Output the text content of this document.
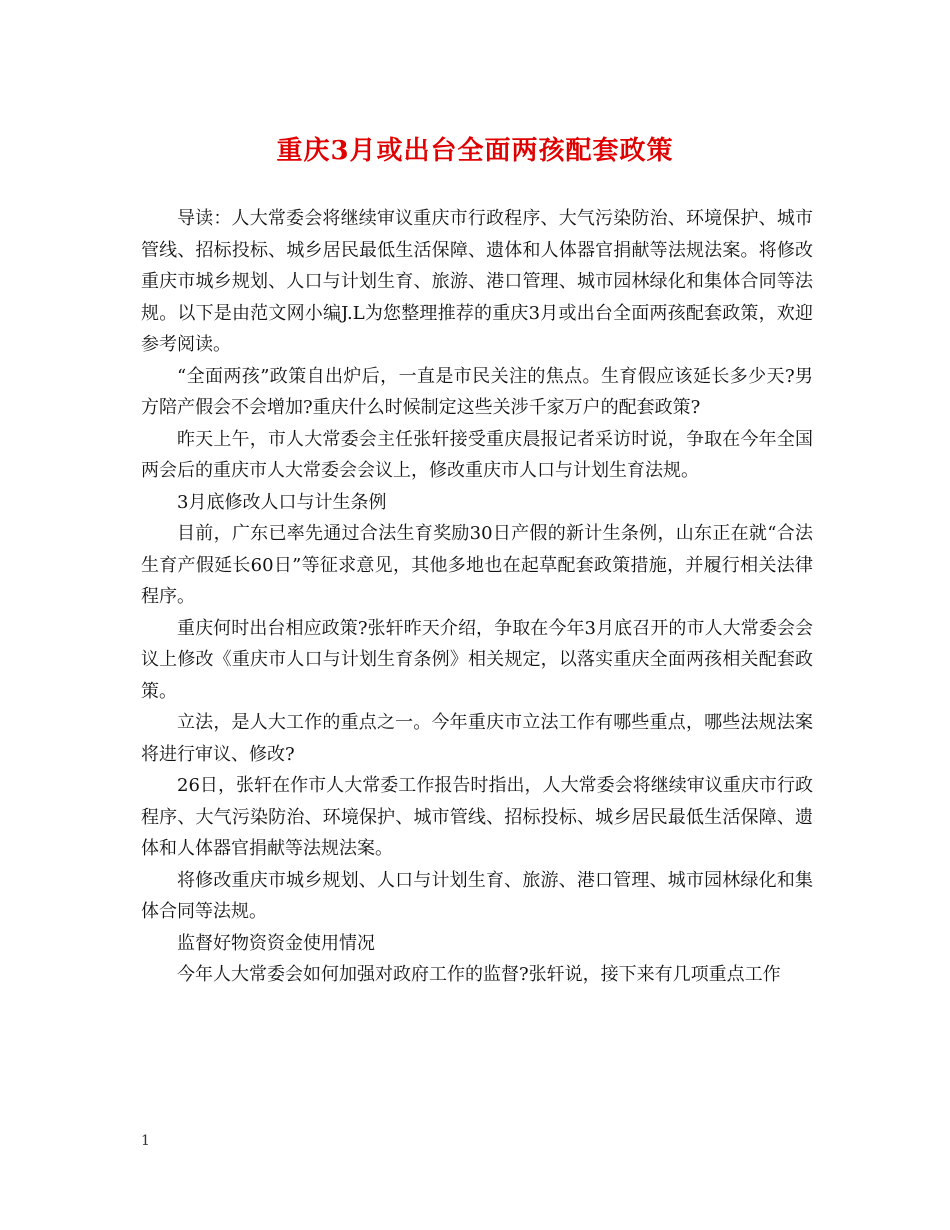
重庆3月或出台全面两孩配套政策

导读：人大常委会将继续审议重庆市行政程序、大气污染防治、环境保护、城市管线、招标投标、城乡居民最低生活保障、遗体和人体器官捐献等法规法案。将修改重庆市城乡规划、人口与计划生育、旅游、港口管理、城市园林绿化和集体合同等法规。以下是由范文网小编J.L为您整理推荐的重庆3月或出台全面两孩配套政策，欢迎参考阅读。

“全面两孩”政策自出炉后，一直是市民关注的焦点。生育假应该延长多少天?男方陪产假会不会增加?重庆什么时候制定这些关涉千家万户的配套政策?

昨天上午，市人大常委会主任张轩接受重庆晨报记者采访时说，争取在今年全国两会后的重庆市人大常委会会议上，修改重庆市人口与计划生育法规。

3月底修改人口与计生条例

目前，广东已率先通过合法生育奖励30日产假的新计生条例，山东正在就“合法生育产假延长60日”等征求意见，其他多地也在起草配套政策措施，并履行相关法律程序。

重庆何时出台相应政策?张轩昨天介绍，争取在今年3月底召开的市人大常委会会议上修改《重庆市人口与计划生育条例》相关规定，以落实重庆全面两孩相关配套政策。

立法，是人大工作的重点之一。今年重庆市立法工作有哪些重点，哪些法规法案将进行审议、修改?

26日，张轩在作市人大常委工作报告时指出，人大常委会将继续审议重庆市行政程序、大气污染防治、环境保护、城市管线、招标投标、城乡居民最低生活保障、遗体和人体器官捐献等法规法案。

将修改重庆市城乡规划、人口与计划生育、旅游、港口管理、城市园林绿化和集体合同等法规。

监督好物资资金使用情况

今年人大常委会如何加强对政府工作的监督?张轩说，接下来有几项重点工作

1
